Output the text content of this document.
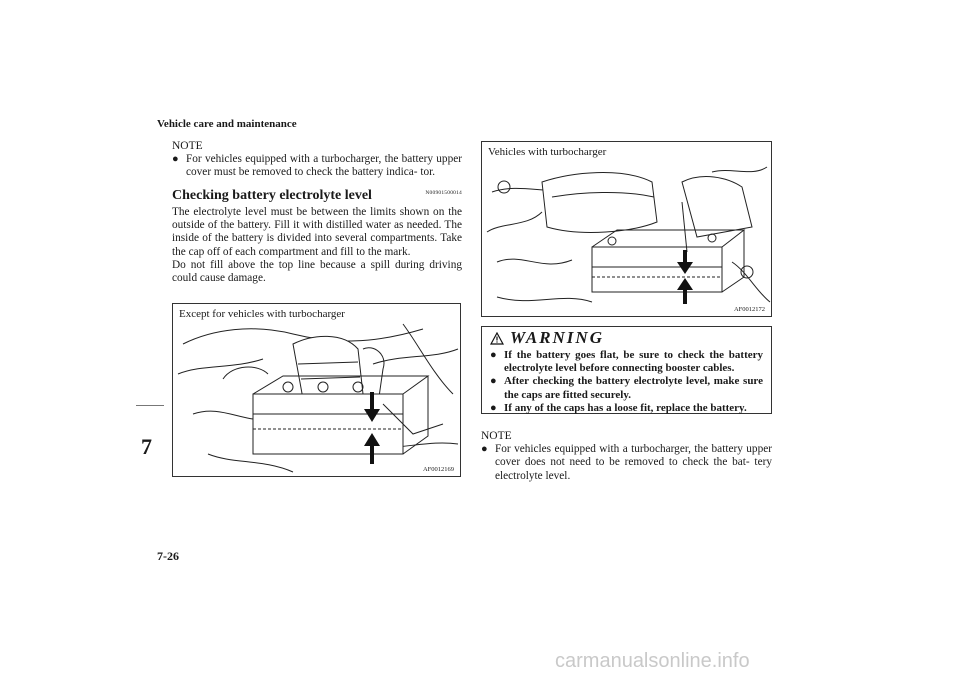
Vehicle care and maintenance
7
NOTE
● For vehicles equipped with a turbocharger, the battery upper cover must be removed to check the battery indica- tor.
Checking battery electrolyte level	N00901500014
The electrolyte level must be between the limits shown on the outside of the battery. Fill it with distilled water as needed. The inside of the battery is divided into several compartments. Take the cap off of each compartment and fill to the mark.
Do not fill above the top line because a spill during driving could cause damage.
Except for vehicles with turbocharger
AF0012169
Vehicles with turbocharger
AF0012172
WARNING
● If the battery goes flat, be sure to check the battery electrolyte level before connecting booster cables.
● After checking the battery electrolyte level, make sure the caps are fitted securely.
● If any of the caps has a loose fit, replace the battery.
NOTE
● For vehicles equipped with a turbocharger, the battery upper cover does not need to be removed to check the bat- tery electrolyte level.
7-26
carmanualsonline.info
